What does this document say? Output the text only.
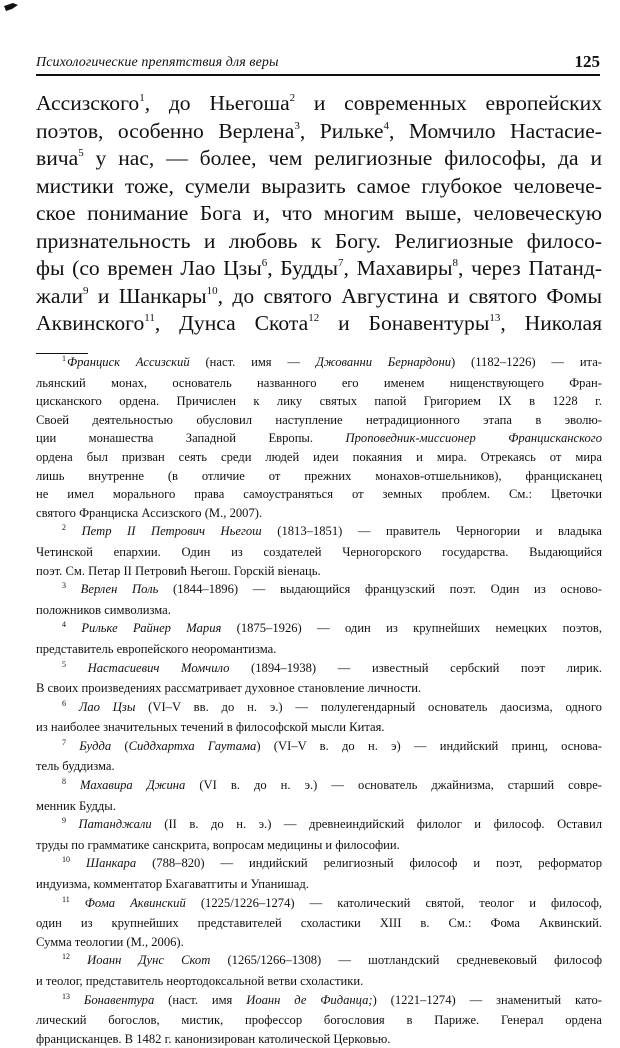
Психологические препятствия для веры	125

Ассизского$^1$, до Ньегоша$^2$ и современных европейских
поэтов, особенно Верлена$^3$, Рильке$^4$, Момчило Настасие-
вича$^5$ у нас, — более, чем религиозные философы, да и
мистики тоже, сумели выразить самое глубокое человече-
ское понимание Бога и, что многим выше, человеческую
признательность и любовь к Богу. Религиозные филосо-
фы (со времен Лао Цзы$^6$, Будды$^7$, Махавиры$^8$, через Патанд-
жали$^9$ и Шанкары$^{10}$, до святого Августина и святого Фомы
Аквинского$^{11}$, Дунса Скота$^{12}$ и Бонавентуры$^{13}$, Николая

$^1$Франциск Ассизский (наст. имя — Джованни Бернардони) (1182–1226) — ита-
льянский монах, основатель названного его именем нищенствующего Фран-
цисканского ордена. Причислен к лику святых папой Григорием IX в 1228 г.
Своей деятельностью обусловил наступление нетрадиционного этапа в эволю-
ции монашества Западной Европы. Проповедник-миссионер Францисканского
ордена был призван сеять среди людей идеи покаяния и мира. Отрекаясь от мира
лишь внутренне (в отличие от прежних монахов-отшельников), францисканец
не имел морального права самоустраняться от земных проблем. См.: Цветочки
святого Франциска Ассизского (М., 2007).
$^2$ Петр II Петрович Ньегош (1813–1851) — правитель Черногории и владыка
Четинской епархии. Один из создателей Черногорского государства. Выдающийся
поэт. См. Петар II Петровић Његош. Горскiй вiенаць.
$^3$ Верлен Поль (1844–1896) — выдающийся французский поэт. Один из осново-
положников символизма.
$^4$ Рильке Райнер Мария (1875–1926) — один из крупнейших немецких поэтов,
представитель европейского неоромантизма.
$^5$ Настасиевич Момчило (1894–1938) — известный сербский поэт лирик.
В своих произведениях рассматривает духовное становление личности.
$^6$ Лао Цзы (VI–V вв. до н. э.) — полулегендарный основатель даосизма, одного
из наиболее значительных течений в философской мысли Китая.
$^7$ Будда (Сиддхартха Гаутама) (VI–V в. до н. э) — индийский принц, основа-
тель буддизма.
$^8$ Махавира Джина (VI в. до н. э.) — основатель джайнизма, старший совре-
менник Будды.
$^9$ Патанджали (II в. до н. э.) — древнеиндийский филолог и философ. Оставил
труды по грамматике санскрита, вопросам медицины и философии.
$^{10}$ Шанкара (788–820) — индийский религиозный философ и поэт, реформатор
индуизма, комментатор Бхагаватгиты и Упанишад.
$^{11}$ Фома Аквинский (1225/1226–1274) — католический святой, теолог и философ,
один из крупнейших представителей схоластики XIII в. См.: Фома Аквинский.
Сумма теологии (М., 2006).
$^{12}$ Иоанн Дунс Скот (1265/1266–1308) — шотландский средневековый философ
и теолог, представитель неортодоксальной ветви схоластики.
$^{13}$ Бонавентура (наст. имя Иоанн де Фиданца;) (1221–1274) — знаменитый като-
лический богослов, мистик, профессор богословия в Париже. Генерал ордена
францисканцев. В 1482 г. канонизирован католической Церковью.
